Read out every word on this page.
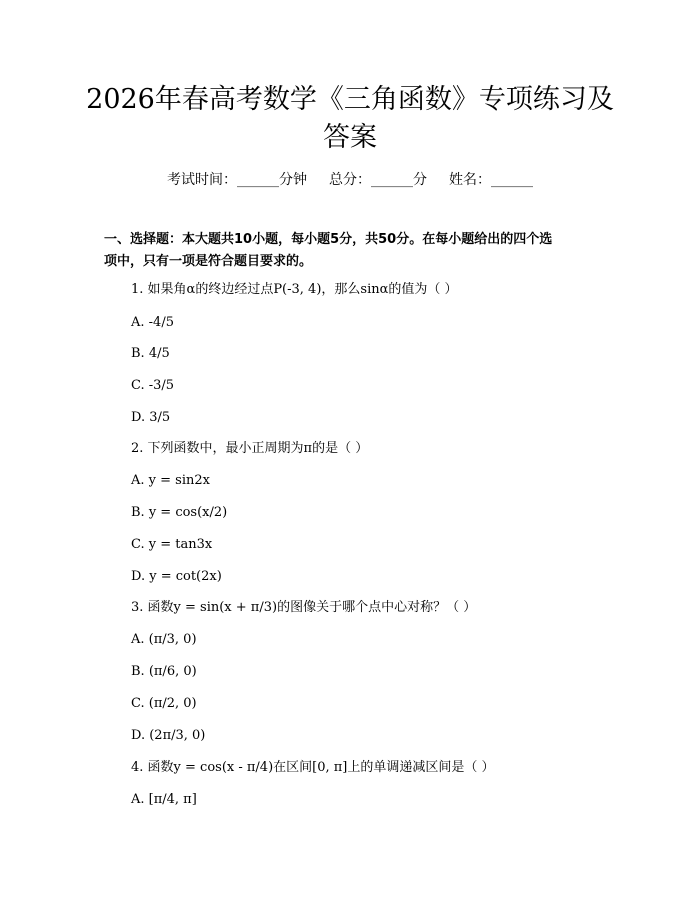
2026年春高考数学《三角函数》专项练习及
答案
考试时间：______分钟 总分：______分 姓名：______
一、选择题：本大题共10小题，每小题5分，共50分。在每小题给出的四个选
项中，只有一项是符合题目要求的。
1. 如果角α的终边经过点P(-3, 4)，那么sinα的值为（ ）
A. -4/5
B. 4/5
C. -3/5
D. 3/5
2. 下列函数中，最小正周期为π的是（ ）
A. y = sin2x
B. y = cos(x/2)
C. y = tan3x
D. y = cot(2x)
3. 函数y = sin(x + π/3)的图像关于哪个点中心对称？（ ）
A. (π/3, 0)
B. (π/6, 0)
C. (π/2, 0)
D. (2π/3, 0)
4. 函数y = cos(x - π/4)在区间[0, π]上的单调递减区间是（ ）
A. [π/4, π]
